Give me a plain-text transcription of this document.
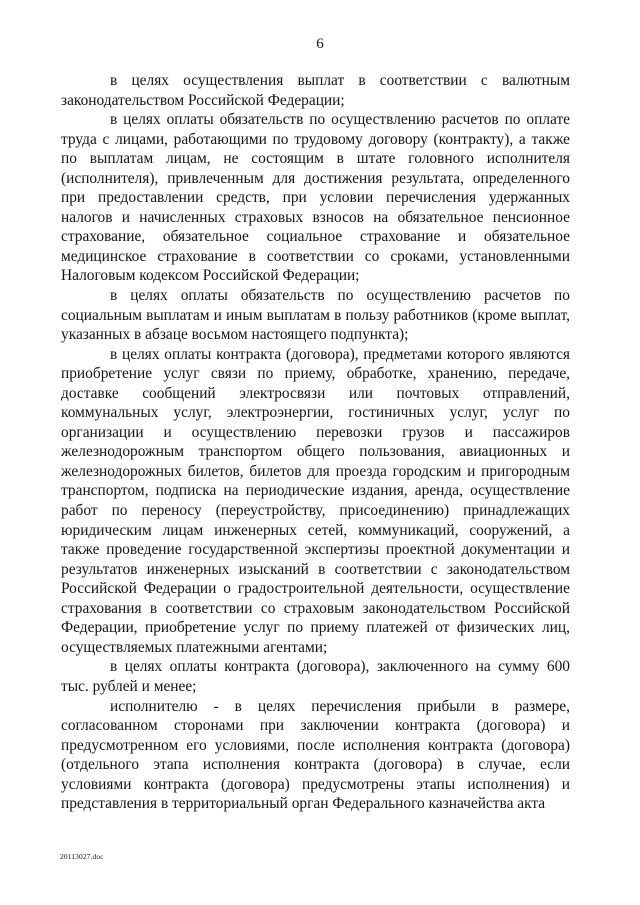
6

в целях осуществления выплат в соответствии с валютным законодательством Российской Федерации;

в целях оплаты обязательств по осуществлению расчетов по оплате труда с лицами, работающими по трудовому договору (контракту), а также по выплатам лицам, не состоящим в штате головного исполнителя (исполнителя), привлеченным для достижения результата, определенного при предоставлении средств, при условии перечисления удержанных налогов и начисленных страховых взносов на обязательное пенсионное страхование, обязательное социальное страхование и обязательное медицинское страхование в соответствии со сроками, установленными Налоговым кодексом Российской Федерации;

в целях оплаты обязательств по осуществлению расчетов по социальным выплатам и иным выплатам в пользу работников (кроме выплат, указанных в абзаце восьмом настоящего подпункта);

в целях оплаты контракта (договора), предметами которого являются приобретение услуг связи по приему, обработке, хранению, передаче, доставке сообщений электросвязи или почтовых отправлений, коммунальных услуг, электроэнергии, гостиничных услуг, услуг по организации и осуществлению перевозки грузов и пассажиров железнодорожным транспортом общего пользования, авиационных и железнодорожных билетов, билетов для проезда городским и пригородным транспортом, подписка на периодические издания, аренда, осуществление работ по переносу (переустройству, присоединению) принадлежащих юридическим лицам инженерных сетей, коммуникаций, сооружений, а также проведение государственной экспертизы проектной документации и результатов инженерных изысканий в соответствии с законодательством Российской Федерации о градостроительной деятельности, осуществление страхования в соответствии со страховым законодательством Российской Федерации, приобретение услуг по приему платежей от физических лиц, осуществляемых платежными агентами;

в целях оплаты контракта (договора), заключенного на сумму 600 тыс. рублей и менее;

исполнителю - в целях перечисления прибыли в размере, согласованном сторонами при заключении контракта (договора) и предусмотренном его условиями, после исполнения контракта (договора) (отдельного этапа исполнения контракта (договора) в случае, если условиями контракта (договора) предусмотрены этапы исполнения) и представления в территориальный орган Федерального казначейства акта

20113027.doc
